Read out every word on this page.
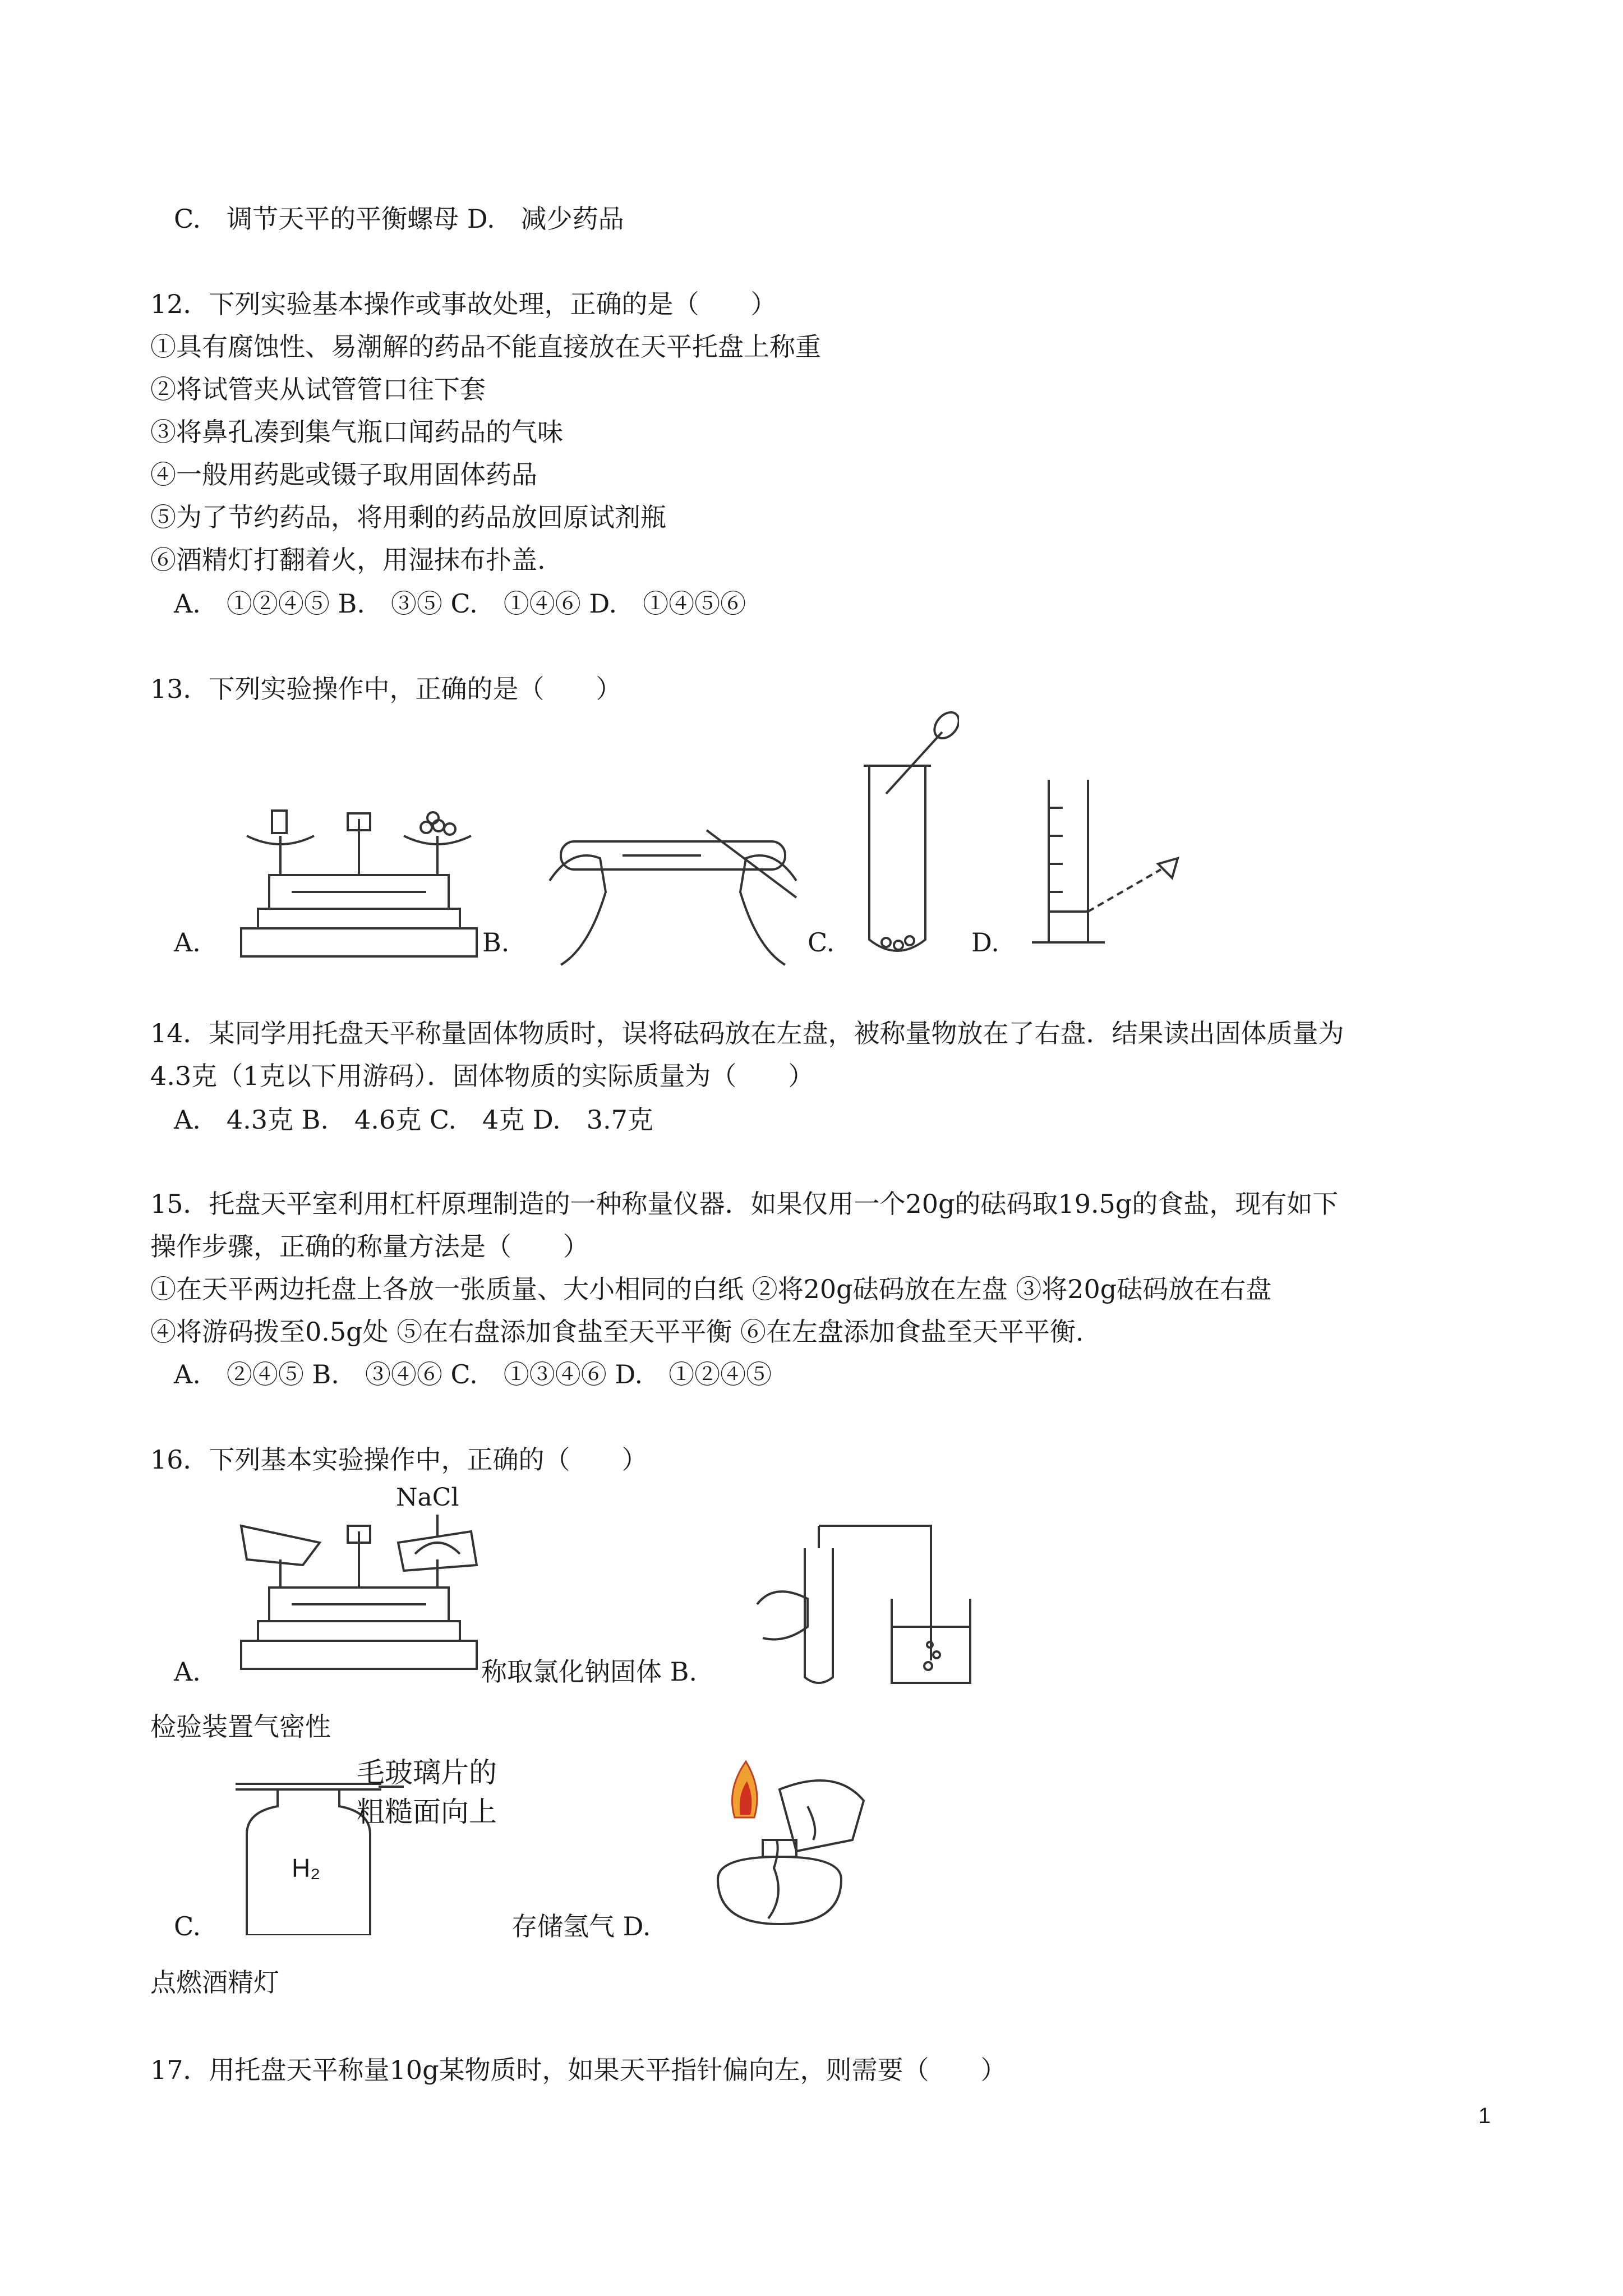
C.　调节天平的平衡螺母 D.　减少药品
12．下列实验基本操作或事故处理，正确的是（　　）
①具有腐蚀性、易潮解的药品不能直接放在天平托盘上称重
②将试管夹从试管管口往下套
③将鼻孔凑到集气瓶口闻药品的气味
④一般用药匙或镊子取用固体药品
⑤为了节约药品，将用剩的药品放回原试剂瓶
⑥酒精灯打翻着火，用湿抹布扑盖.
A.　①②④⑤ B.　③⑤ C.　①④⑥ D.　①④⑤⑥
13．下列实验操作中，正确的是（　　）
A.	B.	C.	D.
14．某同学用托盘天平称量固体物质时，误将砝码放在左盘，被称量物放在了右盘．结果读出固体质量为
4.3克（1克以下用游码）．固体物质的实际质量为（　　）
A.　4.3克 B.　4.6克 C.　4克 D.　3.7克
15．托盘天平室利用杠杆原理制造的一种称量仪器．如果仅用一个20g的砝码取19.5g的食盐，现有如下
操作步骤，正确的称量方法是（　　）
①在天平两边托盘上各放一张质量、大小相同的白纸 ②将20g砝码放在左盘 ③将20g砝码放在右盘
④将游码拨至0.5g处 ⑤在右盘添加食盐至天平平衡 ⑥在左盘添加食盐至天平平衡.
A.　②④⑤ B.　③④⑥ C.　①③④⑥ D.　①②④⑤
16．下列基本实验操作中，正确的（　　）
NaCl
A.	称取氯化钠固体 B.
检验装置气密性
H₂
毛玻璃片的
粗糙面向上
C.	存储氢气 D.
点燃酒精灯
17．用托盘天平称量10g某物质时，如果天平指针偏向左，则需要（　　）
1
